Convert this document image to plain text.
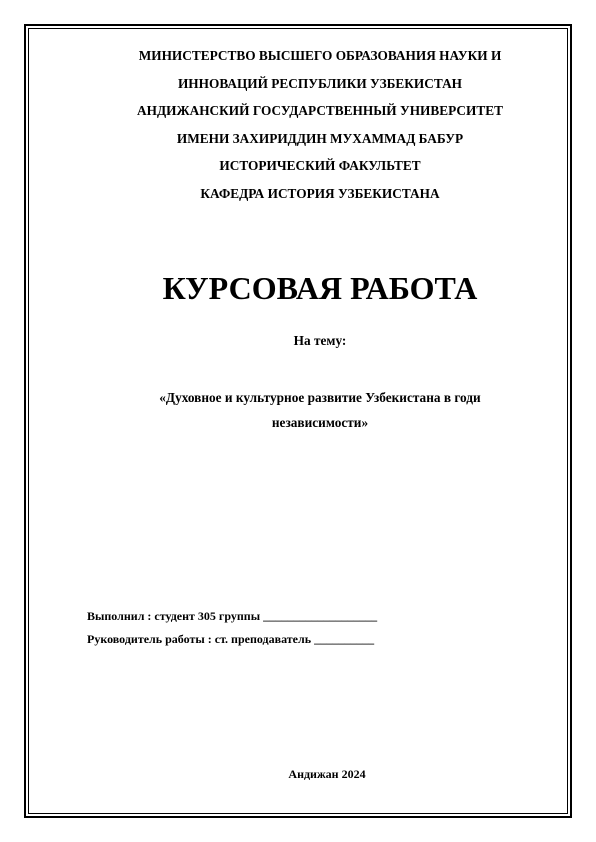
МИНИСТЕРСТВО ВЫСШЕГО ОБРАЗОВАНИЯ НАУКИ И
ИННОВАЦИЙ РЕСПУБЛИКИ УЗБЕКИСТАН
АНДИЖАНСКИЙ ГОСУДАРСТВЕННЫЙ УНИВЕРСИТЕТ
ИМЕНИ ЗАХИРИДДИН МУХАММАД БАБУР
ИСТОРИЧЕСКИЙ ФАКУЛЬТЕТ
КАФЕДРА ИСТОРИЯ УЗБЕКИСТАНА
КУРСОВАЯ РАБОТА
На тему:
«Духовное и культурное развитие Узбекистана в годи
независимости»
Выполнил : студент 305 группы ___________________
Руководитель работы : ст. преподаватель __________
Андижан 2024
